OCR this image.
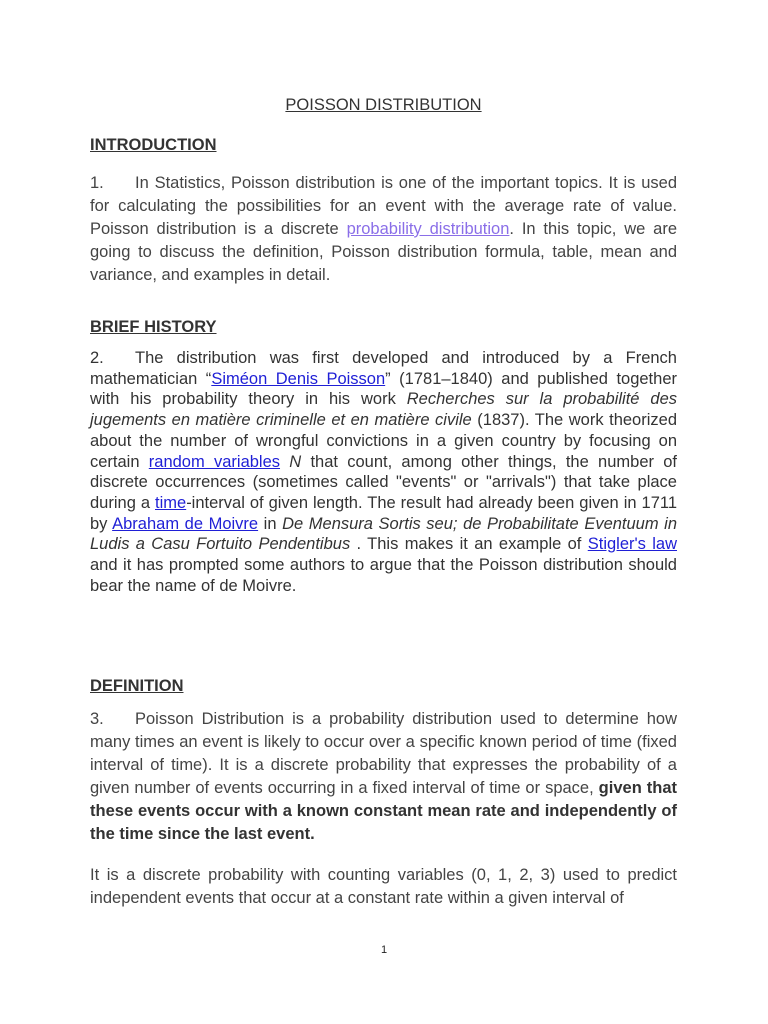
POISSON DISTRIBUTION

INTRODUCTION

1. In Statistics, Poisson distribution is one of the important topics. It is used for calculating the possibilities for an event with the average rate of value. Poisson distribution is a discrete probability distribution. In this topic, we are going to discuss the definition, Poisson distribution formula, table, mean and variance, and examples in detail.

BRIEF HISTORY

2. The distribution was first developed and introduced by a French mathematician “Siméon Denis Poisson” (1781–1840) and published together with his probability theory in his work Recherches sur la probabilité des jugements en matière criminelle et en matière civile (1837). The work theorized about the number of wrongful convictions in a given country by focusing on certain random variables N that count, among other things, the number of discrete occurrences (sometimes called "events" or "arrivals") that take place during a time-interval of given length. The result had already been given in 1711 by Abraham de Moivre in De Mensura Sortis seu; de Probabilitate Eventuum in Ludis a Casu Fortuito Pendentibus . This makes it an example of Stigler's law and it has prompted some authors to argue that the Poisson distribution should bear the name of de Moivre.

DEFINITION

3. Poisson Distribution is a probability distribution used to determine how many times an event is likely to occur over a specific known period of time (fixed interval of time). It is a discrete probability that expresses the probability of a given number of events occurring in a fixed interval of time or space, given that these events occur with a known constant mean rate and independently of the time since the last event.

It is a discrete probability with counting variables (0, 1, 2, 3) used to predict independent events that occur at a constant rate within a given interval of

1
